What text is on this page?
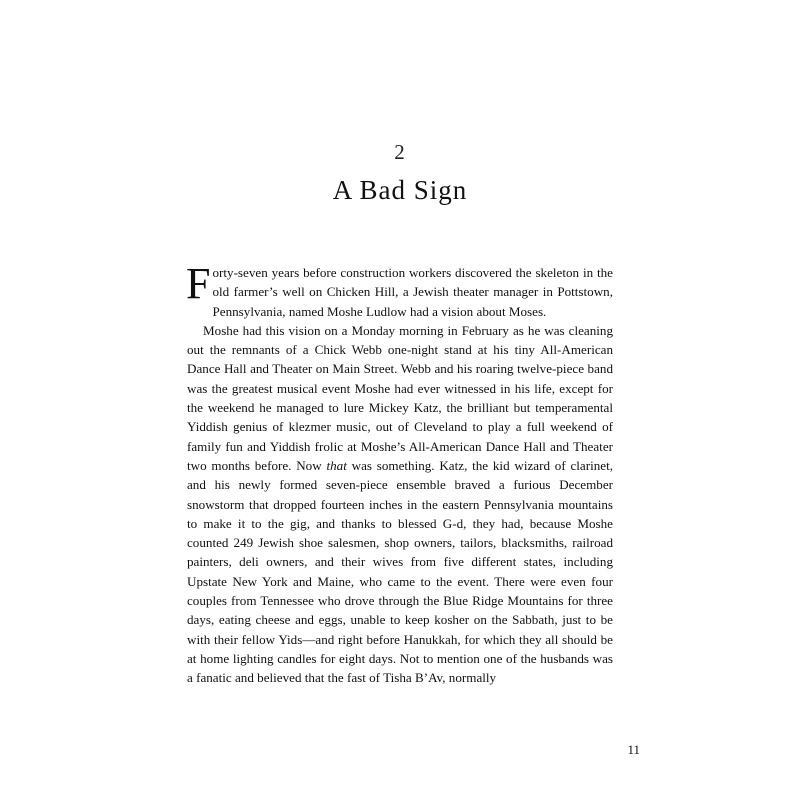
2
A Bad Sign

Forty-seven years before construction workers discovered the skeleton in the old farmer’s well on Chicken Hill, a Jewish theater manager in Pottstown, Pennsylvania, named Moshe Ludlow had a vision about Moses.

Moshe had this vision on a Monday morning in February as he was cleaning out the remnants of a Chick Webb one-night stand at his tiny All-American Dance Hall and Theater on Main Street. Webb and his roaring twelve-piece band was the greatest musical event Moshe had ever witnessed in his life, except for the weekend he managed to lure Mickey Katz, the brilliant but temperamental Yiddish genius of klezmer music, out of Cleveland to play a full weekend of family fun and Yiddish frolic at Moshe’s All-American Dance Hall and Theater two months before. Now that was something. Katz, the kid wizard of clarinet, and his newly formed seven-piece ensemble braved a furious December snowstorm that dropped fourteen inches in the eastern Pennsylvania mountains to make it to the gig, and thanks to blessed G-d, they had, because Moshe counted 249 Jewish shoe salesmen, shop owners, tailors, blacksmiths, railroad painters, deli owners, and their wives from five different states, including Upstate New York and Maine, who came to the event. There were even four couples from Tennessee who drove through the Blue Ridge Mountains for three days, eating cheese and eggs, unable to keep kosher on the Sabbath, just to be with their fellow Yids—and right before Hanukkah, for which they all should be at home lighting candles for eight days. Not to mention one of the husbands was a fanatic and believed that the fast of Tisha B’Av, normally

11
